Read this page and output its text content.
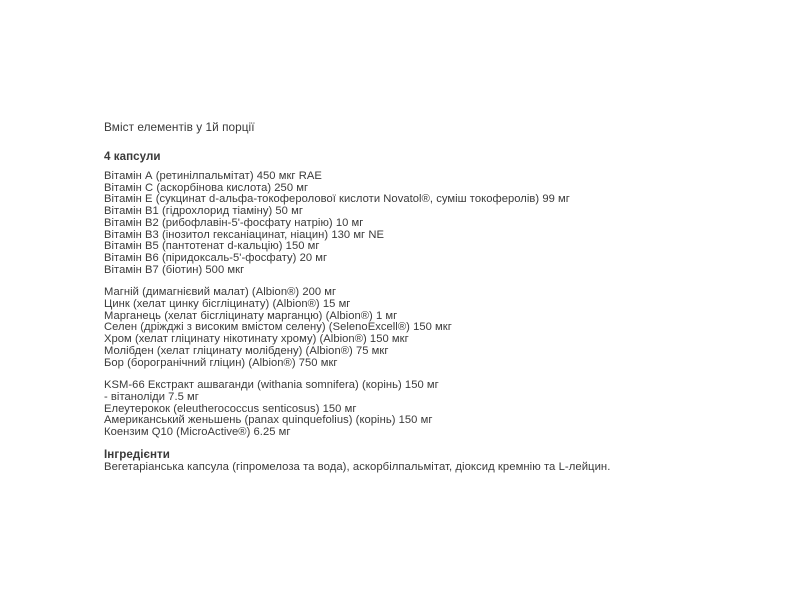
Вміст елементів у 1й порції
4 капсули
Вітамін А (ретинілпальмітат) 450 мкг RAE
Вітамін С (аскорбінова кислота) 250 мг
Вітамін Е (сукцинат d-альфа-токоферолової кислоти Novatol®, суміш токоферолів) 99 мг
Вітамін В1 (гідрохлорид тіаміну) 50 мг
Вітамін В2 (рибофлавін-5'-фосфату натрію) 10 мг
Вітамін В3 (інозитол гексаніацинат, ніацин) 130 мг NE
Вітамін В5 (пантотенат d-кальцію) 150 мг
Вітамін В6 (піридоксаль-5'-фосфату) 20 мг
Вітамін В7 (біотин) 500 мкг
Магній (димагнієвий малат) (Albion®) 200 мг
Цинк (хелат цинку бісгліцинату) (Albion®) 15 мг
Марганець (хелат бісгліцинату марганцю) (Albion®) 1 мг
Селен (дріжджі з високим вмістом селену) (SelenoExcell®) 150 мкг
Хром (хелат гліцинату нікотинату хрому) (Albion®) 150 мкг
Молібден (хелат гліцинату молібдену) (Albion®) 75 мкг
Бор (борогранічний гліцин) (Albion®) 750 мкг
KSM-66 Екстракт ашваганди (withania somnifera) (корінь) 150 мг
- вітаноліди 7.5 мг
Елеутерокок (eleutherococcus senticosus) 150 мг
Американський женьшень (panax quinquefolius) (корінь) 150 мг
Коензим Q10 (MicroActive®) 6.25 мг
Інгредієнти
Вегетаріанська капсула (гіпромелоза та вода), аскорбілпальмітат, діоксид кремнію та L-лейцин.
